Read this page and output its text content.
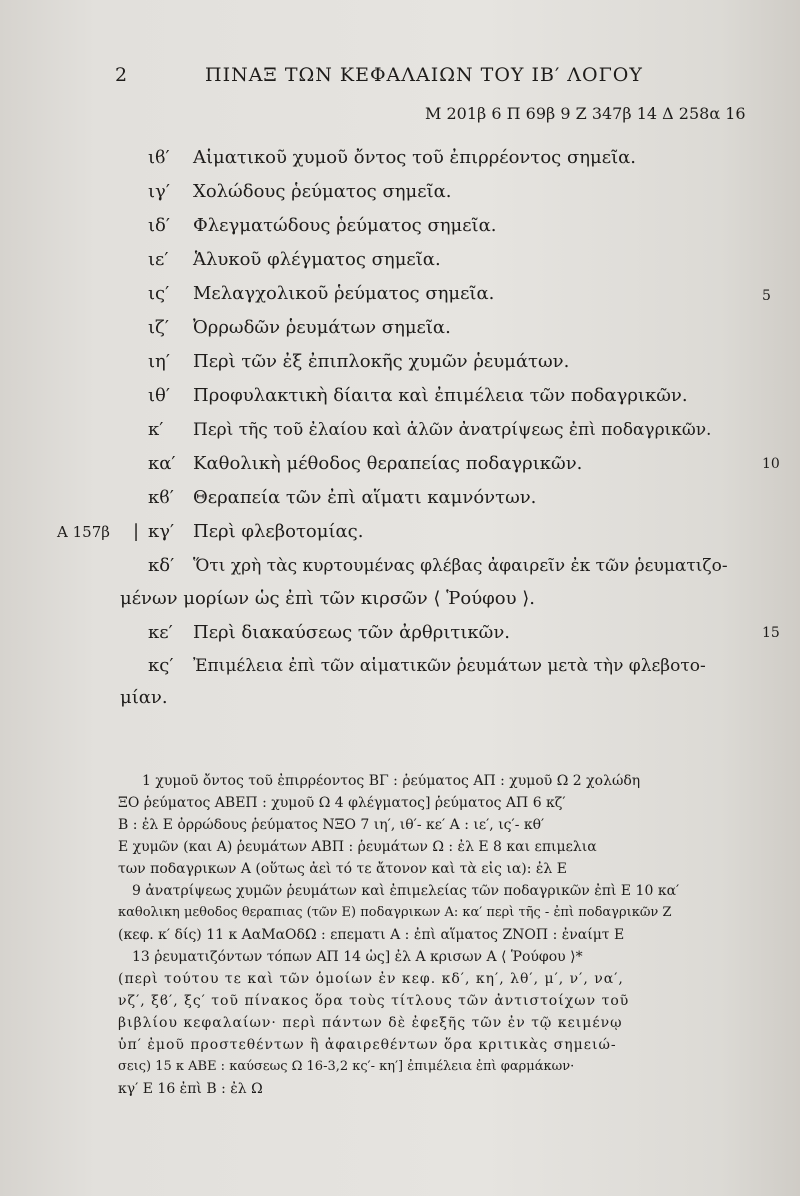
2	ΠΙΝΑΞ ΤΩΝ ΚΕΦΑΛΑΙΩΝ ΤΟΥ ΙΒ′ ΛΟΓΟΥ
M 201β 6 Π 69β 9 Z 347β 14 Δ 258α 16
ιϐ′ Αἱματικοῦ χυμοῦ ὄντος τοῦ ἐπιρρέοντος σημεῖα.
ιγ′ Χολώδους ῥεύματος σημεῖα.
ιδ′ Φλεγματώδους ῥεύματος σημεῖα.
ιε′ Ἁλυκοῦ φλέγματος σημεῖα.
ις′ Μελαγχολικοῦ ῥεύματος σημεῖα.
ιζ′ Ὀρρωδῶν ῥευμάτων σημεῖα.
ιη′ Περὶ τῶν ἐξ ἐπιπλοκῆς χυμῶν ῥευμάτων.
ιθ′ Προφυλακτικὴ δίαιτα καὶ ἐπιμέλεια τῶν ποδαγρικῶν.
κ′ Περὶ τῆς τοῦ ἐλαίου καὶ ἁλῶν ἀνατρίψεως ἐπὶ ποδαγρικῶν.
κα′ Καθολικὴ μέθοδος θεραπείας ποδαγρικῶν.
κϐ′ Θεραπεία τῶν ἐπὶ αἵματι καμνόντων.
A 157β | κγ′ Περὶ φλεβοτομίας.
κδ′ Ὅτι χρὴ τὰς κυρτουμένας φλέβας ἀφαιρεῖν ἐκ τῶν ῥευματιζο-
μένων μορίων ὡς ἐπὶ τῶν κιρσῶν ⟨ Ῥούφου ⟩.
κε′ Περὶ διακαύσεως τῶν ἀρθριτικῶν.
κς′ Ἐπιμέλεια ἐπὶ τῶν αἱματικῶν ῥευμάτων μετὰ τὴν φλεβοτο-
μίαν.
5
10
15
1 χυμοῦ ὄντος τοῦ ἐπιρρέοντος ΒΓ : ῥεύματος ΑΠ : χυμοῦ Ω 2 χολώδη
ΞΟ ῥεύματος ΑΒΕΠ : χυμοῦ Ω 4 φλέγματος] ῥεύματος ΑΠ 6 κζ′
Β : ἐλ Ε ὀρρώδους ῥεύματος ΝΞΟ 7 ιη′, ιθ′- κε′ Α : ιε′, ις′- κθ′
Ε χυμῶν (και Α) ῥευμάτων ΑΒΠ : ῥευμάτων Ω : ἐλ Ε 8 και επιμελια
των ποδαγρικων Α (οὕτως ἀεὶ τό τε ἄτονον καὶ τὰ εἰς ια): ἐλ Ε
9 ἀνατρίψεως χυμῶν ῥευμάτων καὶ ἐπιμελείας τῶν ποδαγρικῶν ἐπὶ Ε 10 κα′
καθολικη μεθοδος θεραπιας (τῶν Ε) ποδαγρικων Α: κα′ περὶ τῆς - ἐπὶ ποδαγρικῶν Ζ
(κεφ. κ′ δίς) 11 κ ΑαΜαΟδΩ : επεματι Α : ἐπὶ αἵματος ΖΝΟΠ : ἐναίμτ Ε
13 ῥευματιζόντων τόπων ΑΠ 14 ὡς] ἐλ Α κρισων Α ⟨ Ῥούφου ⟩*
(περὶ τούτου τε καὶ τῶν ὁμοίων ἐν κεφ. κδ′, κη′, λθ′, μ′, ν′, να′,
νζ′, ξϐ′, ξς′ τοῦ πίνακος ὅρα τοὺς τίτλους τῶν ἀντιστοίχων τοῦ
βιβλίου κεφαλαίων· περὶ πάντων δὲ ἐφεξῆς τῶν ἐν τῷ κειμένῳ
ὑπ′ ἐμοῦ προστεθέντων ἢ ἀφαιρεθέντων ὅρα κριτικὰς σημειώ-
σεις) 15 κ ΑΒΕ : καύσεως Ω 16-3,2 κς′- κη′] ἐπιμέλεια ἐπὶ φαρμάκων·
κγ′ Ε 16 ἐπὶ Β : ἐλ Ω
